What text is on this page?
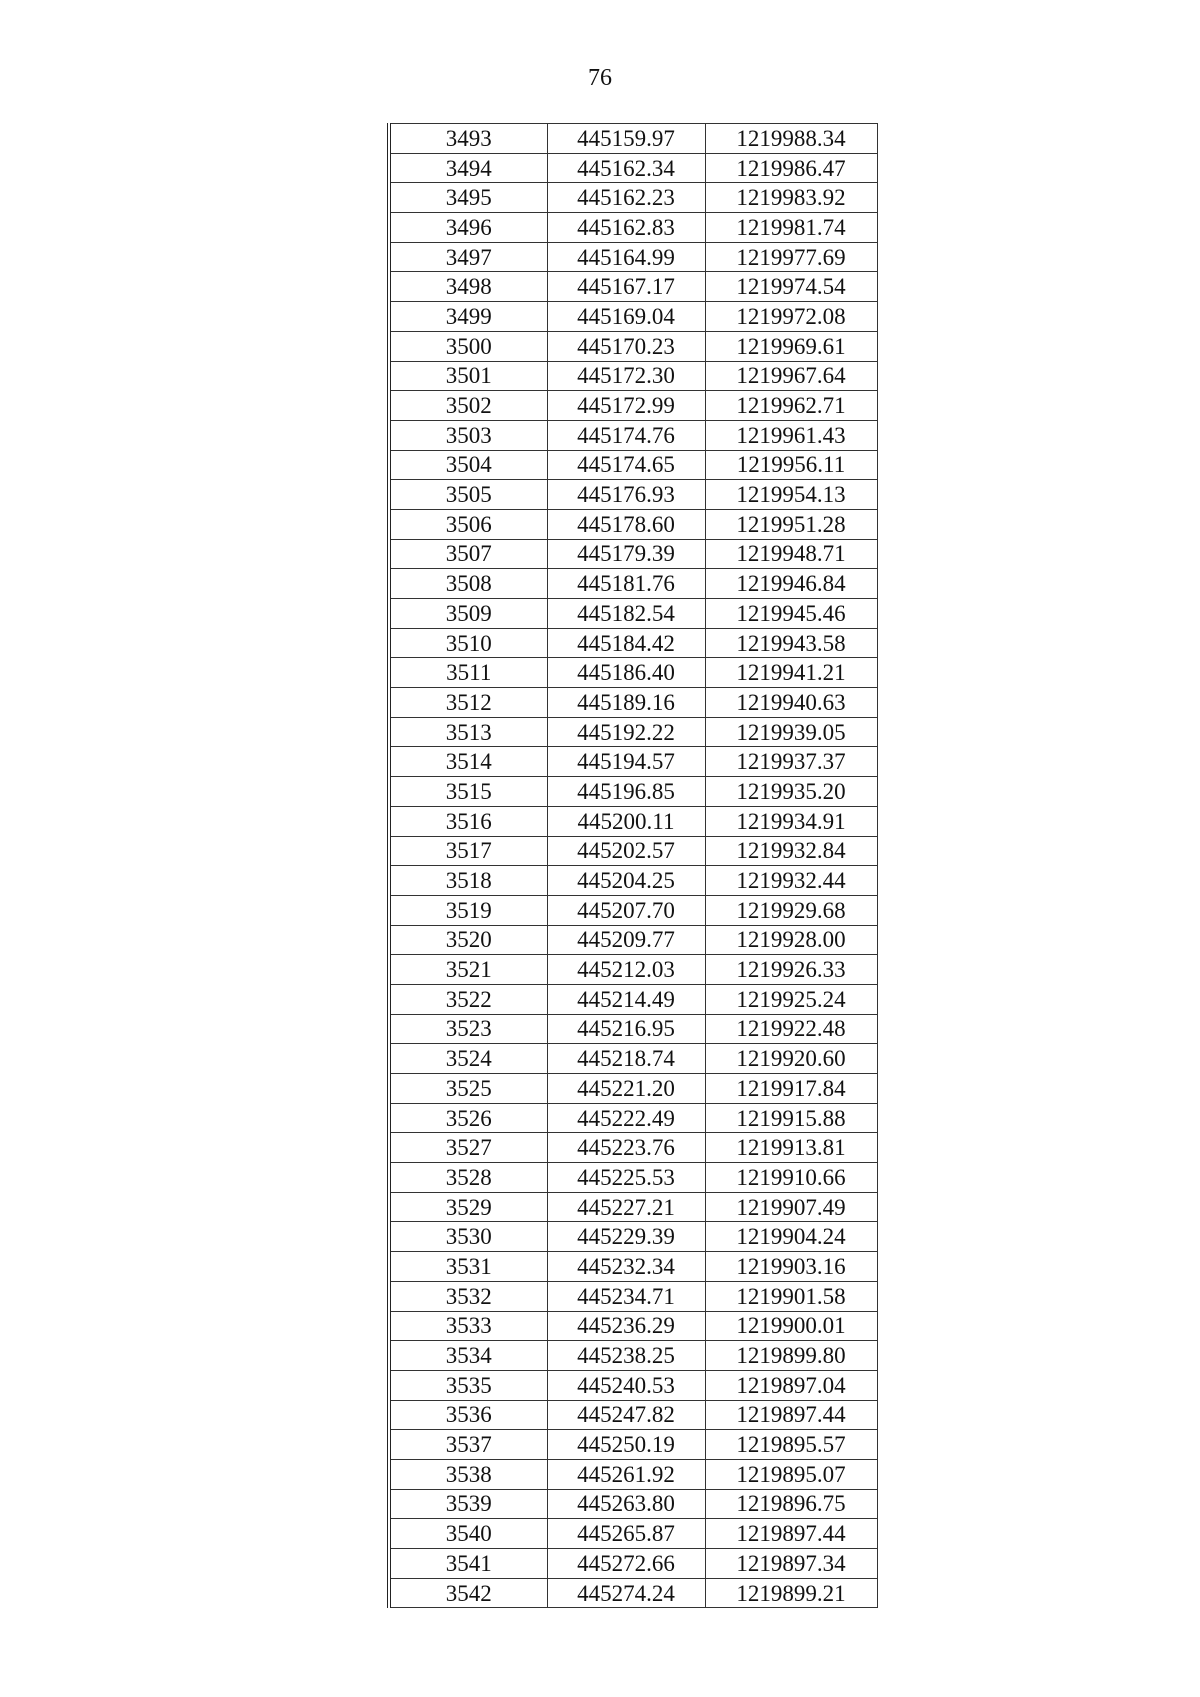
76
3493	445159.97	1219988.34
3494	445162.34	1219986.47
3495	445162.23	1219983.92
3496	445162.83	1219981.74
3497	445164.99	1219977.69
3498	445167.17	1219974.54
3499	445169.04	1219972.08
3500	445170.23	1219969.61
3501	445172.30	1219967.64
3502	445172.99	1219962.71
3503	445174.76	1219961.43
3504	445174.65	1219956.11
3505	445176.93	1219954.13
3506	445178.60	1219951.28
3507	445179.39	1219948.71
3508	445181.76	1219946.84
3509	445182.54	1219945.46
3510	445184.42	1219943.58
3511	445186.40	1219941.21
3512	445189.16	1219940.63
3513	445192.22	1219939.05
3514	445194.57	1219937.37
3515	445196.85	1219935.20
3516	445200.11	1219934.91
3517	445202.57	1219932.84
3518	445204.25	1219932.44
3519	445207.70	1219929.68
3520	445209.77	1219928.00
3521	445212.03	1219926.33
3522	445214.49	1219925.24
3523	445216.95	1219922.48
3524	445218.74	1219920.60
3525	445221.20	1219917.84
3526	445222.49	1219915.88
3527	445223.76	1219913.81
3528	445225.53	1219910.66
3529	445227.21	1219907.49
3530	445229.39	1219904.24
3531	445232.34	1219903.16
3532	445234.71	1219901.58
3533	445236.29	1219900.01
3534	445238.25	1219899.80
3535	445240.53	1219897.04
3536	445247.82	1219897.44
3537	445250.19	1219895.57
3538	445261.92	1219895.07
3539	445263.80	1219896.75
3540	445265.87	1219897.44
3541	445272.66	1219897.34
3542	445274.24	1219899.21
